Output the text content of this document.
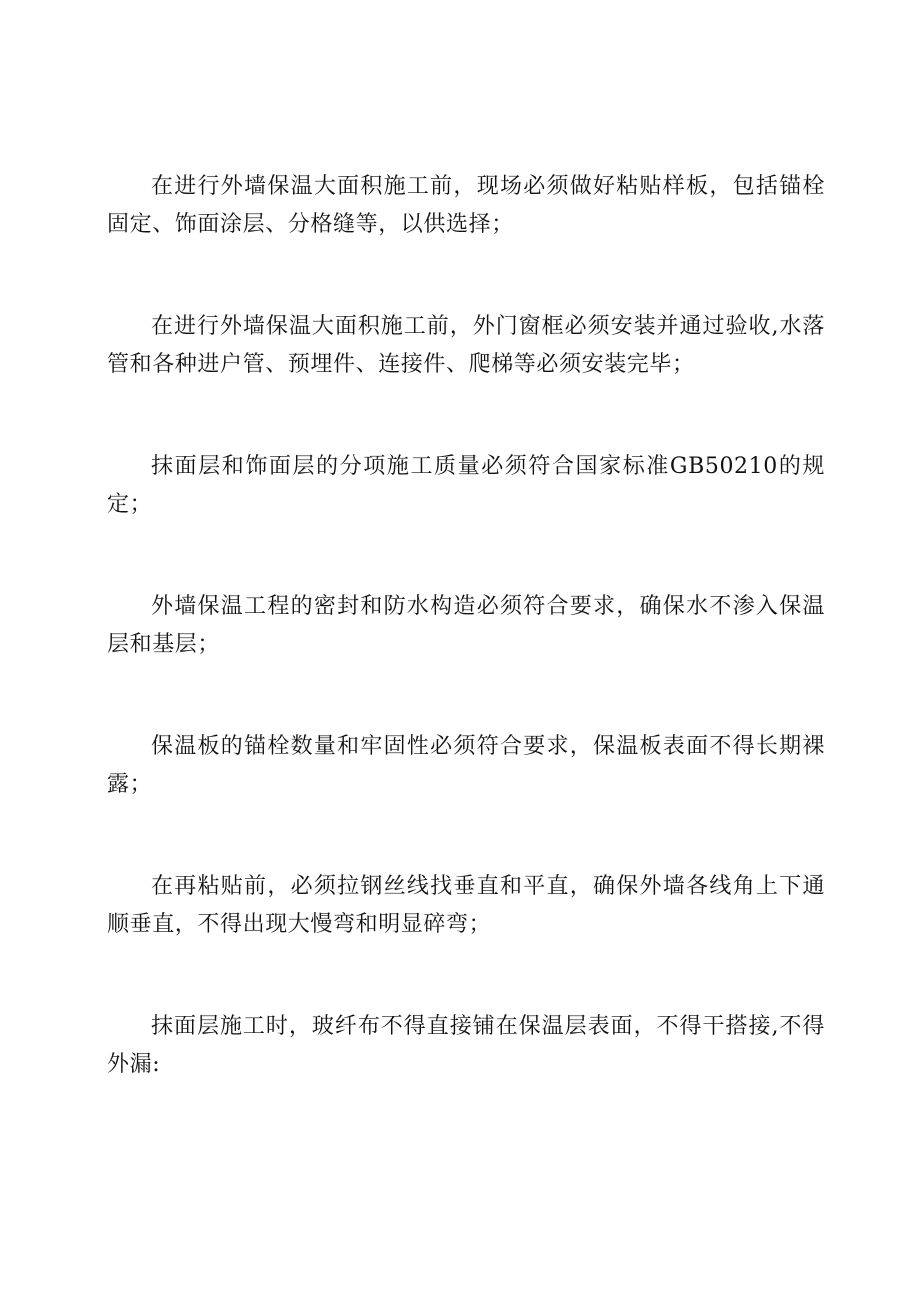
在进行外墙保温大面积施工前，现场必须做好粘贴样板，包括锚栓固定、饰面涂层、分格缝等，以供选择；

在进行外墙保温大面积施工前，外门窗框必须安装并通过验收,水落管和各种进户管、预埋件、连接件、爬梯等必须安装完毕；

抹面层和饰面层的分项施工质量必须符合国家标准GB50210的规定；

外墙保温工程的密封和防水构造必须符合要求，确保水不渗入保温层和基层；

保温板的锚栓数量和牢固性必须符合要求，保温板表面不得长期裸露；

在再粘贴前，必须拉钢丝线找垂直和平直，确保外墙各线角上下通顺垂直，不得出现大慢弯和明显碎弯；

抹面层施工时，玻纤布不得直接铺在保温层表面，不得干搭接,不得外漏:
